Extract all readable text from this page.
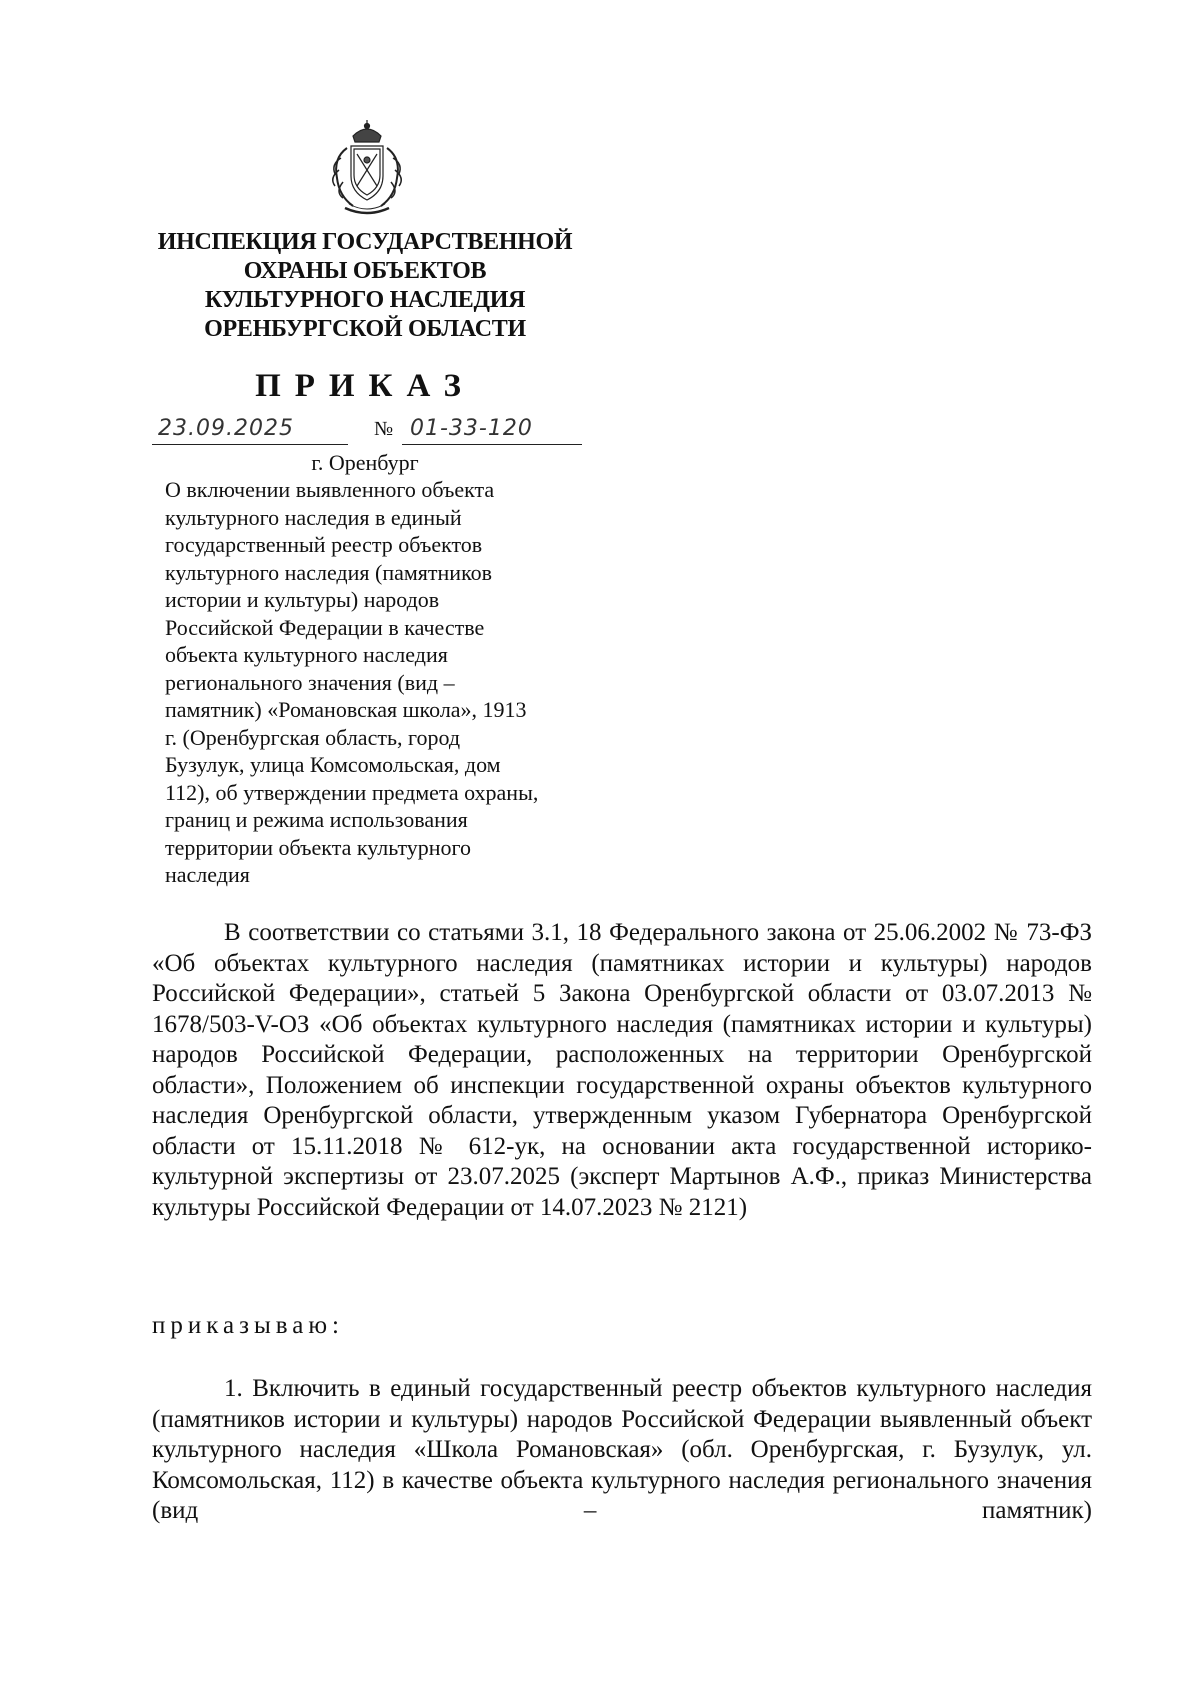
ИНСПЕКЦИЯ ГОСУДАРСТВЕННОЙ
ОХРАНЫ ОБЪЕКТОВ
КУЛЬТУРНОГО НАСЛЕДИЯ
ОРЕНБУРГСКОЙ ОБЛАСТИ
ПРИКАЗ
23.09.2025	№ 01-33-120
г. Оренбург
О включении выявленного объекта
культурного наследия в единый
государственный реестр объектов
культурного наследия (памятников
истории и культуры) народов
Российской Федерации в качестве
объекта культурного наследия
регионального значения (вид –
памятник) «Романовская школа», 1913
г. (Оренбургская область, город
Бузулук, улица Комсомольская, дом
112), об утверждении предмета охраны,
границ и режима использования
территории объекта культурного
наследия
В соответствии со статьями 3.1, 18 Федерального закона от 25.06.2002 № 73-ФЗ «Об объектах культурного наследия (памятниках истории и культуры) народов Российской Федерации», статьей 5 Закона Оренбургской области от 03.07.2013 № 1678/503-V-ОЗ «Об объектах культурного наследия (памятниках истории и культуры) народов Российской Федерации, расположенных на территории Оренбургской области», Положением об инспекции государственной охраны объектов культурного наследия Оренбургской области, утвержденным указом Губернатора Оренбургской области от 15.11.2018 № 612-ук, на основании акта государственной историко-культурной экспертизы от 23.07.2025 (эксперт Мартынов А.Ф., приказ Министерства культуры Российской Федерации от 14.07.2023 № 2121)
приказываю:
1. Включить в единый государственный реестр объектов культурного наследия (памятников истории и культуры) народов Российской Федерации выявленный объект культурного наследия «Школа Романовская» (обл. Оренбургская, г. Бузулук, ул. Комсомольская, 112) в качестве объекта культурного наследия регионального значения (вид – памятник)
